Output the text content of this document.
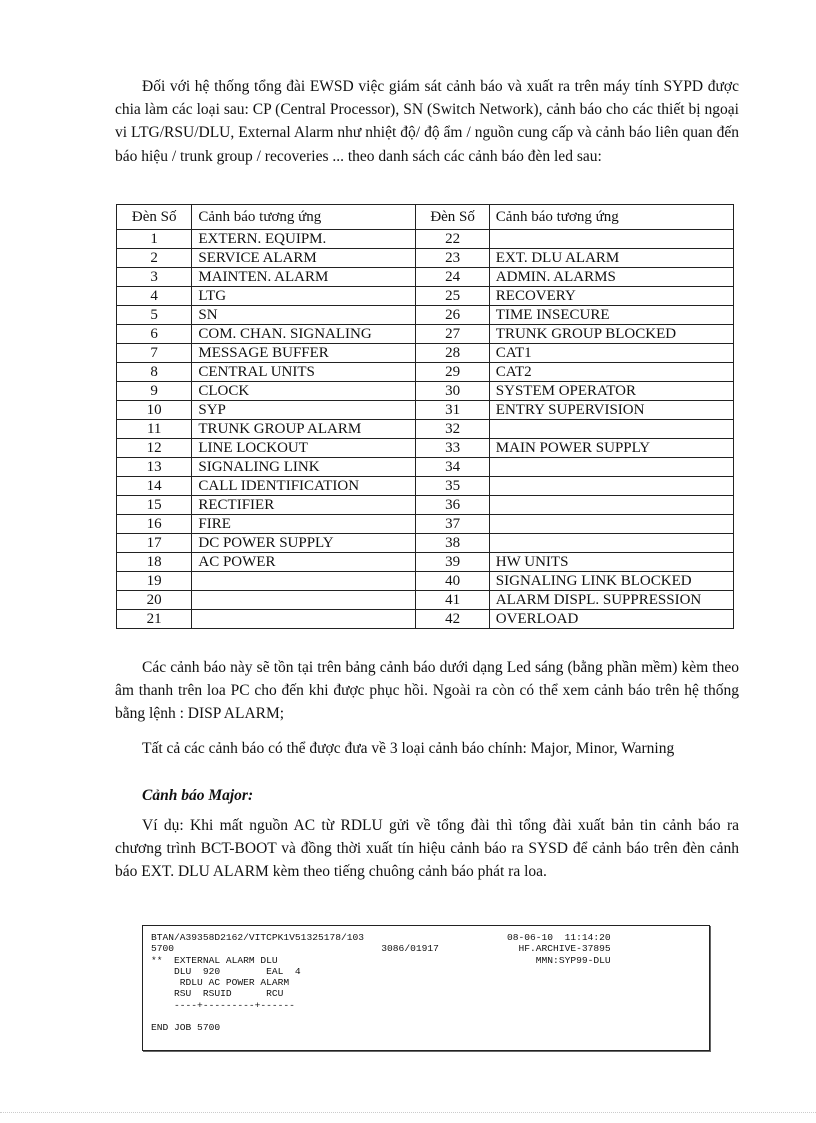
Đối với hệ thống tổng đài EWSD việc giám sát cảnh báo và xuất ra trên máy tính SYPD được chia làm các loại sau: CP (Central Processor), SN (Switch Network), cảnh báo cho các thiết bị ngoại vi LTG/RSU/DLU, External Alarm như nhiệt độ/ độ ẩm / nguồn cung cấp và cảnh báo liên quan đến báo hiệu / trunk group / recoveries ... theo danh sách các cảnh báo đèn led sau:
Đèn Số	Cảnh báo tương ứng	Đèn Số	Cảnh báo tương ứng
1	EXTERN. EQUIPM.	22	
2	SERVICE ALARM	23	EXT. DLU ALARM
3	MAINTEN. ALARM	24	ADMIN. ALARMS
4	LTG	25	RECOVERY
5	SN	26	TIME INSECURE
6	COM. CHAN. SIGNALING	27	TRUNK GROUP BLOCKED
7	MESSAGE BUFFER	28	CAT1
8	CENTRAL UNITS	29	CAT2
9	CLOCK	30	SYSTEM OPERATOR
10	SYP	31	ENTRY SUPERVISION
11	TRUNK GROUP ALARM	32	
12	LINE LOCKOUT	33	MAIN POWER SUPPLY
13	SIGNALING LINK	34	
14	CALL IDENTIFICATION	35	
15	RECTIFIER	36	
16	FIRE	37	
17	DC POWER SUPPLY	38	
18	AC POWER	39	HW UNITS
19		40	SIGNALING LINK BLOCKED
20		41	ALARM DISPL. SUPPRESSION
21		42	OVERLOAD
Các cảnh báo này sẽ tồn tại trên bảng cảnh báo dưới dạng Led sáng (bằng phần mềm) kèm theo âm thanh trên loa PC cho đến khi được phục hồi. Ngoài ra còn có thể xem cảnh báo trên hệ thống bằng lệnh : DISP ALARM;
Tất cả các cảnh báo có thể được đưa về 3 loại cảnh báo chính: Major, Minor, Warning
Cảnh báo Major:
Ví dụ: Khi mất nguồn AC từ RDLU gửi về tổng đài thì tổng đài xuất bản tin cảnh báo ra chương trình BCT-BOOT và đồng thời xuất tín hiệu cảnh báo ra SYSD để cảnh báo trên đèn cảnh báo EXT. DLU ALARM kèm theo tiếng chuông cảnh báo phát ra loa.
BTAN/A39358D2162/VITCPK1V51325178/103
5700                                    3086/01917
**  EXTERNAL ALARM DLU
DLU  920        EAL  4
RDLU AC POWER ALARM
RSU  RSUID      RCU
----+---------+------

END JOB 5700

08-06-10  11:14:20
HF.ARCHIVE-37895
MMN:SYP99-DLU
